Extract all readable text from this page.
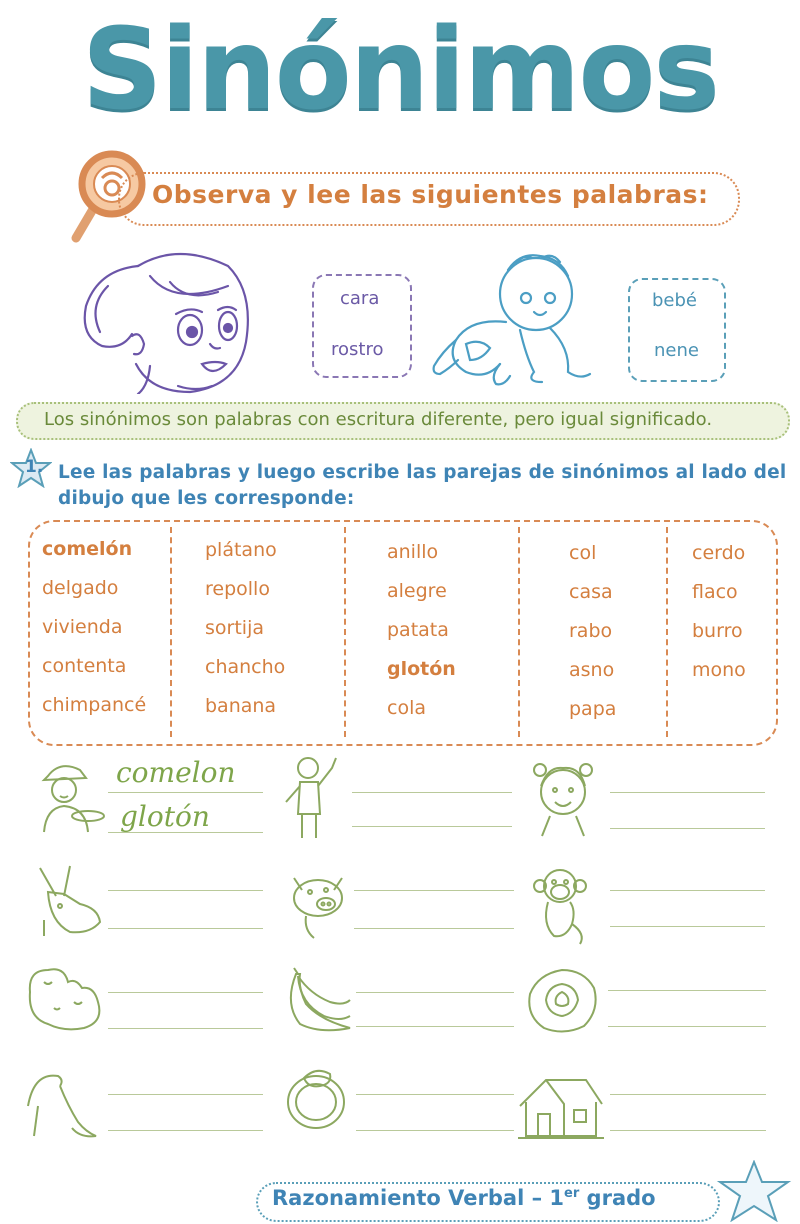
Sinónimos
Observa y lee las siguientes palabras:
cara
rostro
bebé
nene
Los sinónimos son palabras con escritura diferente, pero igual significado.
1. Lee las palabras y luego escribe las parejas de sinónimos al lado del dibujo que les corresponde:
comelón
delgado
vivienda
contenta
chimpancé
plátano
repollo
sortija
chancho
banana
anillo
alegre
patata
glotón
cola
col
casa
rabo
asno
papa
cerdo
flaco
burro
mono
comelon
glotón
Razonamiento Verbal – 1er grado
